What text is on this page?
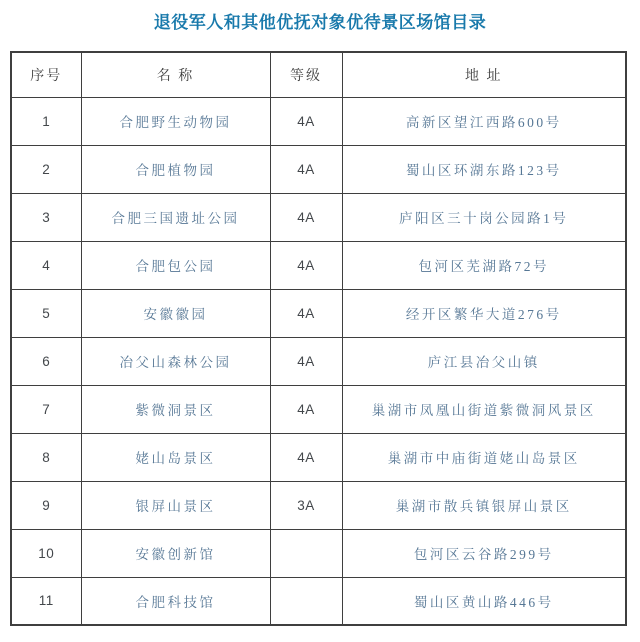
退役军人和其他优抚对象优待景区场馆目录
序号	名 称	等级	地 址
1	合肥野生动物园	4A	高新区望江西路600号
2	合肥植物园	4A	蜀山区环湖东路123号
3	合肥三国遗址公园	4A	庐阳区三十岗公园路1号
4	合肥包公园	4A	包河区芜湖路72号
5	安徽徽园	4A	经开区繁华大道276号
6	冶父山森林公园	4A	庐江县冶父山镇
7	紫微洞景区	4A	巢湖市凤凰山街道紫微洞风景区
8	姥山岛景区	4A	巢湖市中庙街道姥山岛景区
9	银屏山景区	3A	巢湖市散兵镇银屏山景区
10	安徽创新馆		包河区云谷路299号
11	合肥科技馆		蜀山区黄山路446号
